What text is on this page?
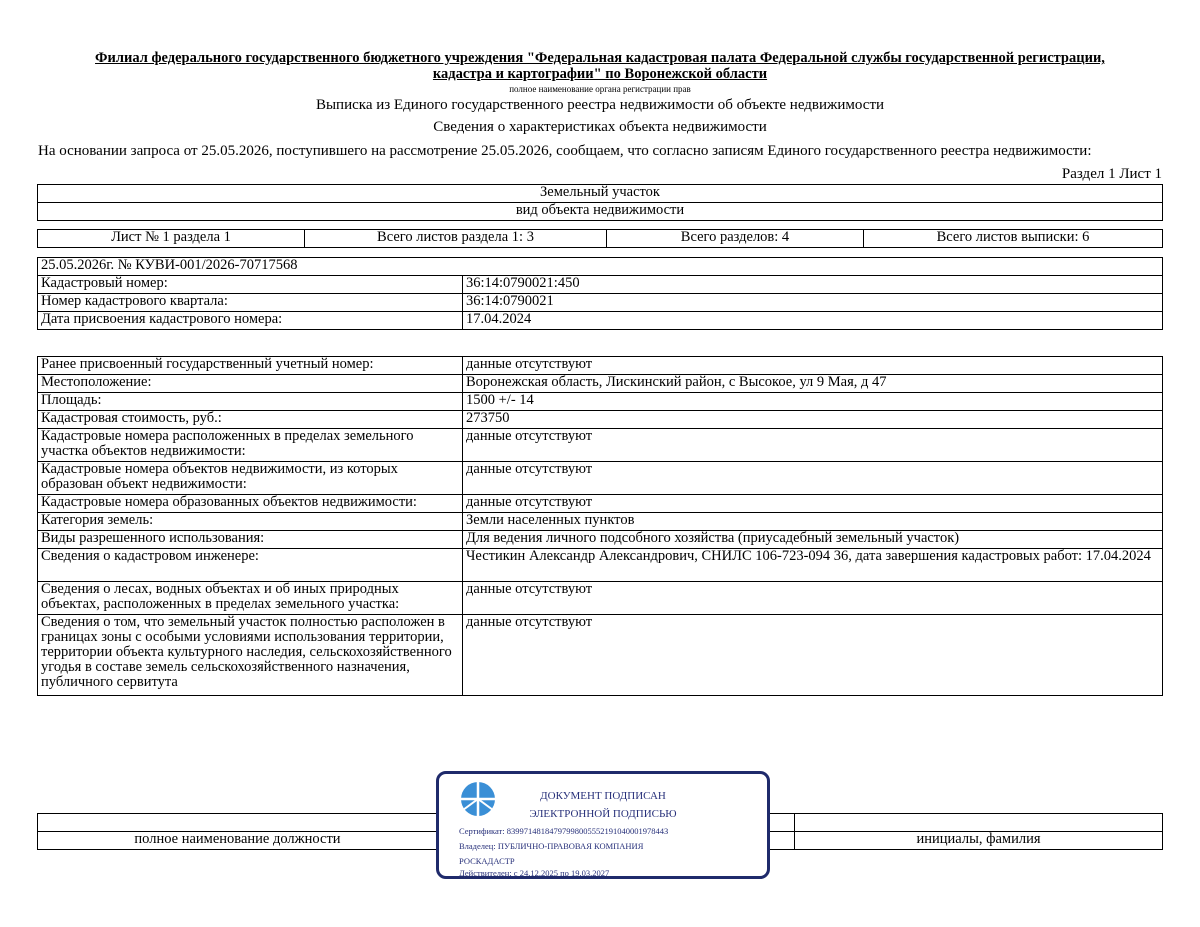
Филиал федерального государственного бюджетного учреждения "Федеральная кадастровая палата Федеральной службы государственной регистрации,
кадастра и картографии" по Воронежской области
полное наименование органа регистрации прав
Выписка из Единого государственного реестра недвижимости об объекте недвижимости
Сведения о характеристиках объекта недвижимости
На основании запроса от 25.05.2026, поступившего на рассмотрение 25.05.2026, сообщаем, что согласно записям Единого государственного реестра недвижимости:
Раздел 1 Лист 1
Земельный участок
вид объекта недвижимости
Лист № 1 раздела 1	Всего листов раздела 1: 3	Всего разделов: 4	Всего листов выписки: 6
25.05.2026г. № КУВИ-001/2026-70717568	
Кадастровый номер:	36:14:0790021:450
Номер кадастрового квартала:	36:14:0790021
Дата присвоения кадастрового номера:	17.04.2024
Ранее присвоенный государственный учетный номер:	данные отсутствуют
Местоположение:	Воронежская область, Лискинский район, с Высокое, ул 9 Мая, д 47
Площадь:	1500 +/- 14
Кадастровая стоимость, руб.:	273750
Кадастровые номера расположенных в пределах земельного участка объектов недвижимости:	данные отсутствуют
Кадастровые номера объектов недвижимости, из которых образован объект недвижимости:	данные отсутствуют
Кадастровые номера образованных объектов недвижимости:	данные отсутствуют
Категория земель:	Земли населенных пунктов
Виды разрешенного использования:	Для ведения личного подсобного хозяйства (приусадебный земельный участок)
Сведения о кадастровом инженере:	Честикин Александр Александрович, СНИЛС 106-723-094 36, дата завершения кадастровых работ: 17.04.2024
Сведения о лесах, водных объектах и об иных природных объектах, расположенных в пределах земельного участка:	данные отсутствуют
Сведения о том, что земельный участок полностью расположен в границах зоны с особыми условиями использования территории, территории объекта культурного наследия, сельскохозяйственного угодья в составе земель сельскохозяйственного назначения, публичного сервитута	данные отсутствуют

полное наименование должности		инициалы, фамилия
ДОКУМЕНТ ПОДПИСАН
ЭЛЕКТРОННОЙ ПОДПИСЬЮ
Сертификат: 8399714818479799800555219104000197844З
Владелец: ПУБЛИЧНО-ПРАВОВАЯ КОМПАНИЯ
РОСКАДАСТР
Действителен: с 24.12.2025 по 19.03.2027
